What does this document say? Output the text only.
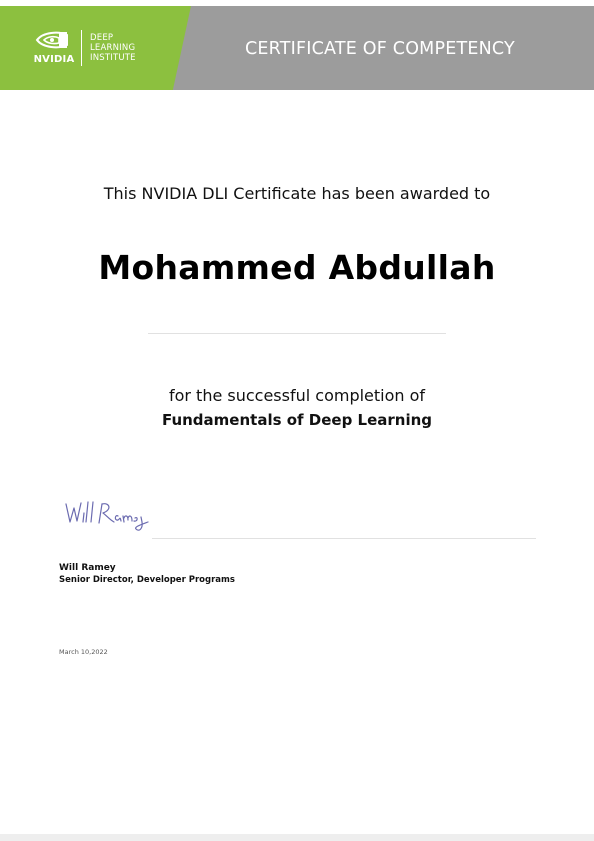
NVIDIA
DEEP
LEARNING
INSTITUTE	CERTIFICATE OF COMPETENCY
This NVIDIA DLI Certificate has been awarded to
Mohammed Abdullah
for the successful completion of
Fundamentals of Deep Learning
Will Ramey
Senior Director, Developer Programs
March 10,2022
